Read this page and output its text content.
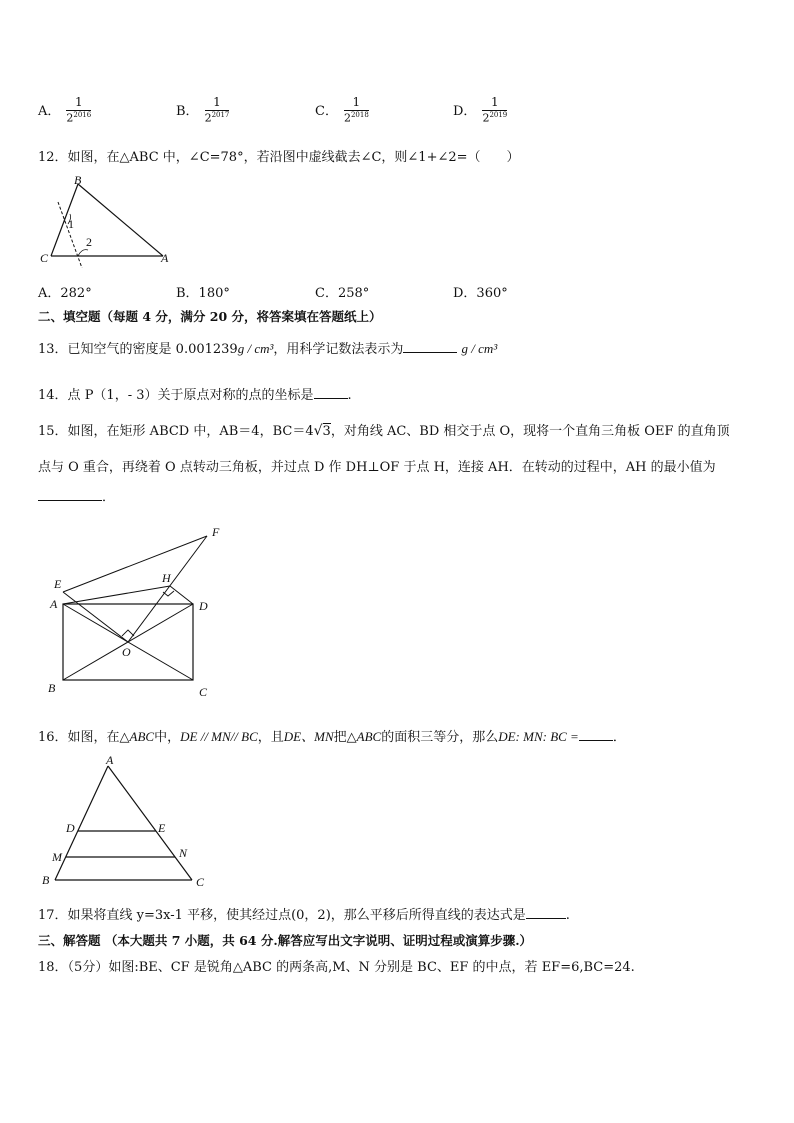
A． $\frac{1}{2^{2016}}$	B． $\frac{1}{2^{2017}}$	C． $\frac{1}{2^{2018}}$	D． $\frac{1}{2^{2019}}$
12．如图，在△ABC 中，∠C=78°，若沿图中虚线截去∠C，则∠1+∠2=（　　）
B
C	A
1
2
A．282°	B．180°	C．258°	D．360°
二、填空题（每题 4 分，满分 20 分，将答案填在答题纸上）
13．已知空气的密度是 0.001239g / cm³，用科学记数法表示为	g / cm³
14．点 P（1，- 3）关于原点对称的点的坐标是	.
15．如图，在矩形 ABCD 中，AB＝4，BC＝4√3，对角线 AC、BD 相交于点 O，现将一个直角三角板 OEF 的直角顶
点与 O 重合，再绕着 O 点转动三角板，并过点 D 作 DH⊥OF 于点 H，连接 AH．在转动的过程中，AH 的最小值为
．
F
E	H
A	D
O
B	C
16．如图，在△ABC中，DE // MN// BC，且DE、MN把△ABC的面积三等分，那么DE: MN: BC =	．
A
D	E
M	N
B	C
17．如果将直线 y=3x-1 平移，使其经过点(0，2)，那么平移后所得直线的表达式是	.
三、解答题 （本大题共 7 小题，共 64 分.解答应写出文字说明、证明过程或演算步骤.）
18．（5分）如图:BE、CF 是锐角△ABC 的两条高,M、N 分别是 BC、EF 的中点，若 EF=6,BC=24.
